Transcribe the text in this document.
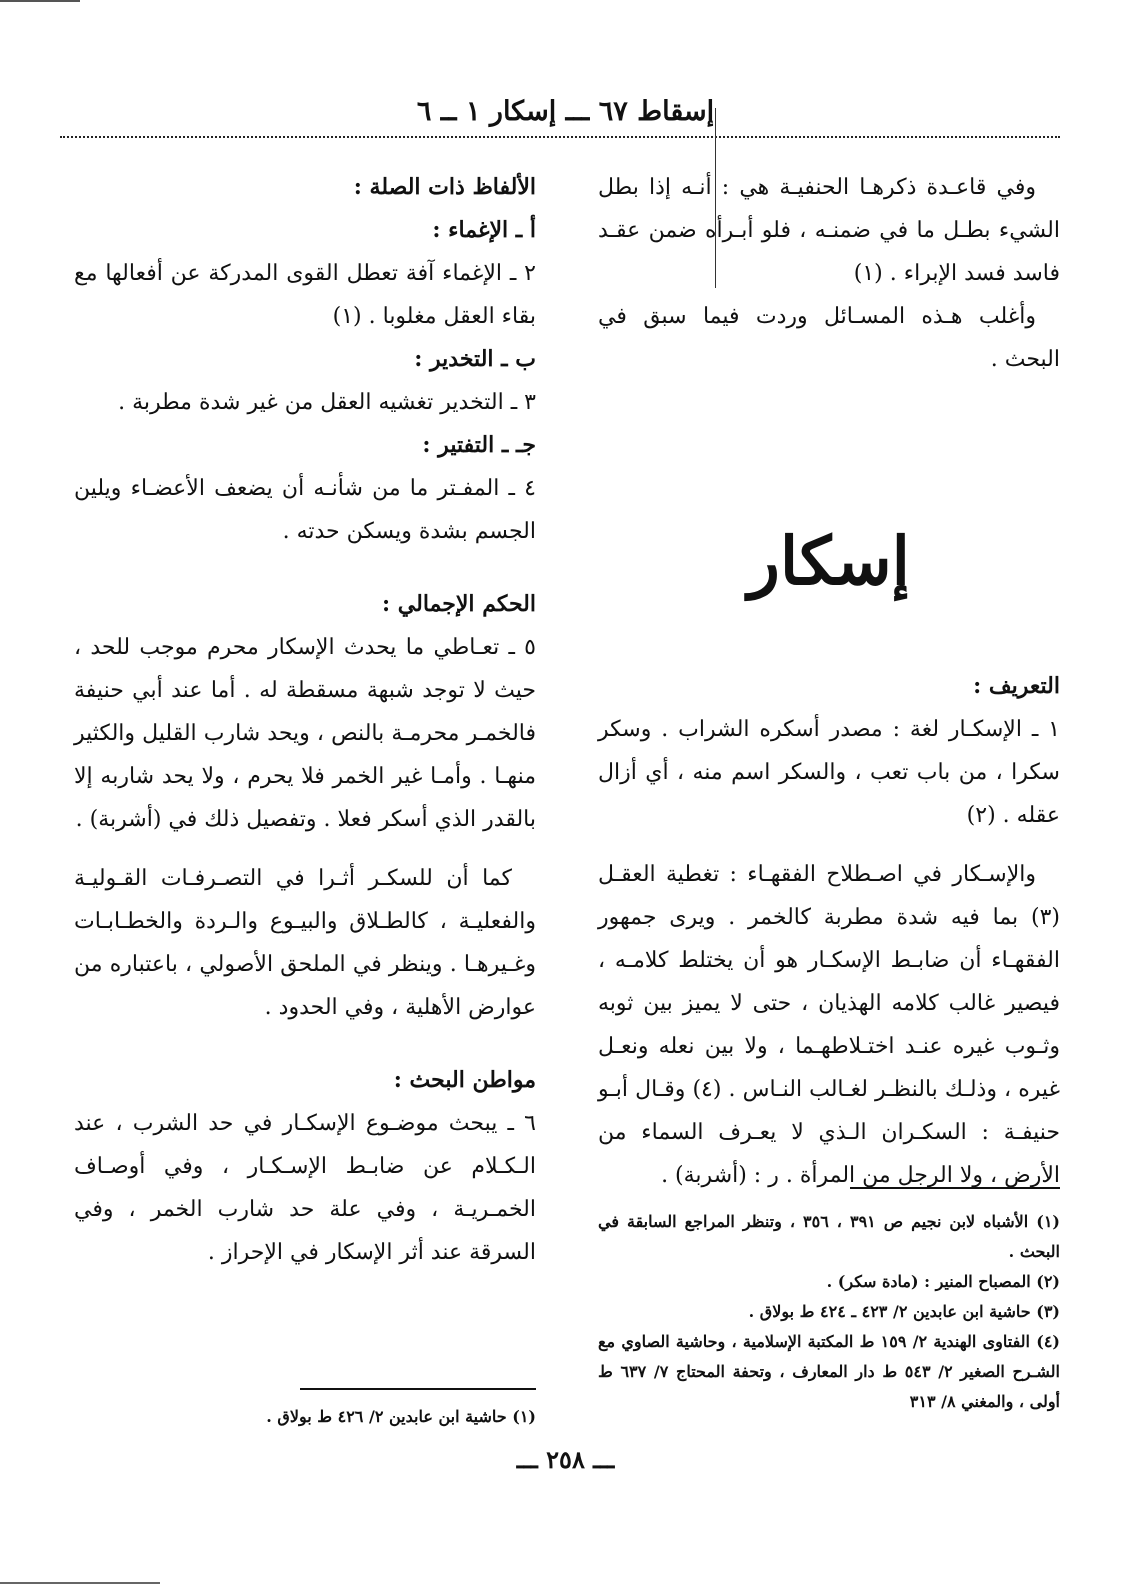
إسقاط ٦٧ ـــ إسكار ١ ــ ٦

وفي قاعـدة ذكرهـا الحنفيـة هي : أنـه إذا بطل الشيء بطـل ما في ضمنـه ، فلو أبـرأه ضمن عقـد فاسد فسد الإبراء . (١)

وأغلب هـذه المسـائل وردت فيما سبق في البحث .

إسكار

التعريف :

١ ـ الإسكـار لغة : مصدر أسكره الشراب . وسكر سكرا ، من باب تعب ، والسكر اسم منه ، أي أزال عقله . (٢)

والإسـكار في اصـطلاح الفقهـاء : تغطية العقـل (٣) بما فيه شدة مطربة كالخمر . ويرى جمهور الفقهـاء أن ضابـط الإسكـار هو أن يختلط كلامـه ، فيصير غالب كلامه الهذيان ، حتى لا يميز بين ثوبه وثـوب غيره عنـد اختـلاطهـما ، ولا بين نعله ونعـل غيره ، وذلـك بالنظـر لغـالب النـاس . (٤) وقـال أبـو حنيفـة : السكـران الـذي لا يعـرف السماء من الأرض ، ولا الرجل من المرأة . ر : (أشربة) .

الألفاظ ذات الصلة :

أ ـ الإغماء :

٢ ـ الإغماء آفة تعطل القوى المدركة عن أفعالها مع بقاء العقل مغلوبا . (١)

ب ـ التخدير :

٣ ـ التخدير تغشيه العقل من غير شدة مطربة .

جـ ـ التفتير :

٤ ـ المفـتر ما من شأنـه أن يضعف الأعضـاء ويلين الجسم بشدة ويسكن حدته .

الحكم الإجمالي :

٥ ـ تعـاطي ما يحدث الإسكار محرم موجب للحد ، حيث لا توجد شبهة مسقطة له . أما عند أبي حنيفة فالخمـر محرمـة بالنص ، ويحد شارب القليل والكثير منهـا . وأمـا غير الخمر فلا يحرم ، ولا يحد شاربه إلا بالقدر الذي أسكر فعلا . وتفصيل ذلك في (أشربة) .

كما أن للسكـر أثـرا في التصـرفـات القـوليـة والفعليـة ، كالطـلاق والبيـوع والـردة والخطـابـات وغـيرهـا . وينظر في الملحق الأصولي ، باعتباره من عوارض الأهلية ، وفي الحدود .

مواطن البحث :

٦ ـ يبحث موضـوع الإسكـار في حد الشرب ، عند الـكـلام عن ضابـط الإسـكـار ، وفي أوصـاف الخمـريـة ، وفي علة حد شارب الخمر ، وفي السرقة عند أثر الإسكار في الإحراز .

(١) الأشباه لابن نجيم ص ٣٩١ ، ٣٥٦ ، وتنظر المراجع السابقة في البحث .

(٢) المصباح المنير : (مادة سكر) .

(٣) حاشية ابن عابدين ٢/ ٤٢٣ ـ ٤٢٤ ط بولاق .

(٤) الفتاوى الهندية ٢/ ١٥٩ ط المكتبة الإسلامية ، وحاشية الصاوي مع الشـرح الصغير ٢/ ٥٤٣ ط دار المعارف ، وتحفة المحتاج ٧/ ٦٣٧ ط أولى ، والمغني ٨/ ٣١٣

(١) حاشية ابن عابدين ٢/ ٤٢٦ ط بولاق .

ـــ ٢٥٨ ـــ
